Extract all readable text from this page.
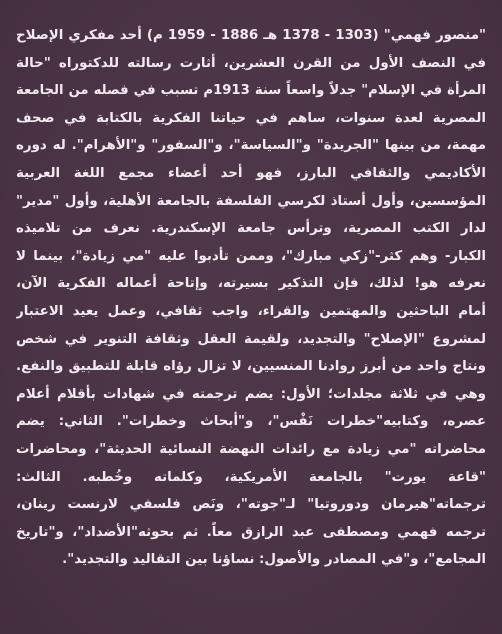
"منصور فهمي" (1303 - 1378 هـ 1886 - 1959 م) أحد مفكري الإصلاح
في النصف الأول من القرن العشرين، أثارت رسالته للدكتوراه "حالة
المرأة في الإسلام" جدلاً واسعاً سنة 1913م تسبب في فصله من الجامعة
المصرية لعدة سنوات، ساهم في حياتنا الفكرية بالكتابة في صحف
مهمة، من بينها "الجريدة" و"السياسة"، و"السفور" و"الأهرام". له دوره
الأكاديمي والثقافي البارز، فهو أحد أعضاء مجمع اللغة العربية
المؤسسين، وأول أستاذ لكرسي الفلسفة بالجامعة الأهلية، وأول "مدير"
لدار الكتب المصرية، وترأس جامعة الإسكندرية. نعرف من تلاميذه
الكبار- وهم كثر-"زكي مبارك"، وممن تأدبوا عليه "مي زيادة"، بينما لا
نعرفه هو! لذلك، فإن التذكير بسيرته، وإتاحة أعماله الفكرية الآن،
أمام الباحثين والمهتمين والقراء، واجب ثقافي، وعمل يعيد الاعتبار
لمشروع "الإصلاح" والتجديد، ولقيمة العقل وثقافة التنوير في شخص
ونتاج واحد من أبرز روادنا المنسيين، لا تزال رؤاه قابلة للتطبيق والنفع.
وهي في ثلاثة مجلدات؛ الأول: يضم ترجمته في شهادات بأقلام أعلام
عصره، وكتابيه"خطرات نَفْس"، و"أبحاث وخطرات". الثاني: يضم
محاضراته "مي زيادة مع رائدات النهضة النسائية الحديثة"، ومحاضرات
"قاعة يورت" بالجامعة الأمريكية، وكلماته وخُطبه. الثالث:
ترجماته"هيرمان ودوروتيا" لـ"جوته"، ونَص فلسفي لارنست رينان،
ترجمه فهمي ومصطفى عبد الرازق معاً. ثم بحوثه"الأضداد"، و"تاريخ
المجامع"، و"في المصادر والأصول: نساؤنا بين التقاليد والتجديد".
